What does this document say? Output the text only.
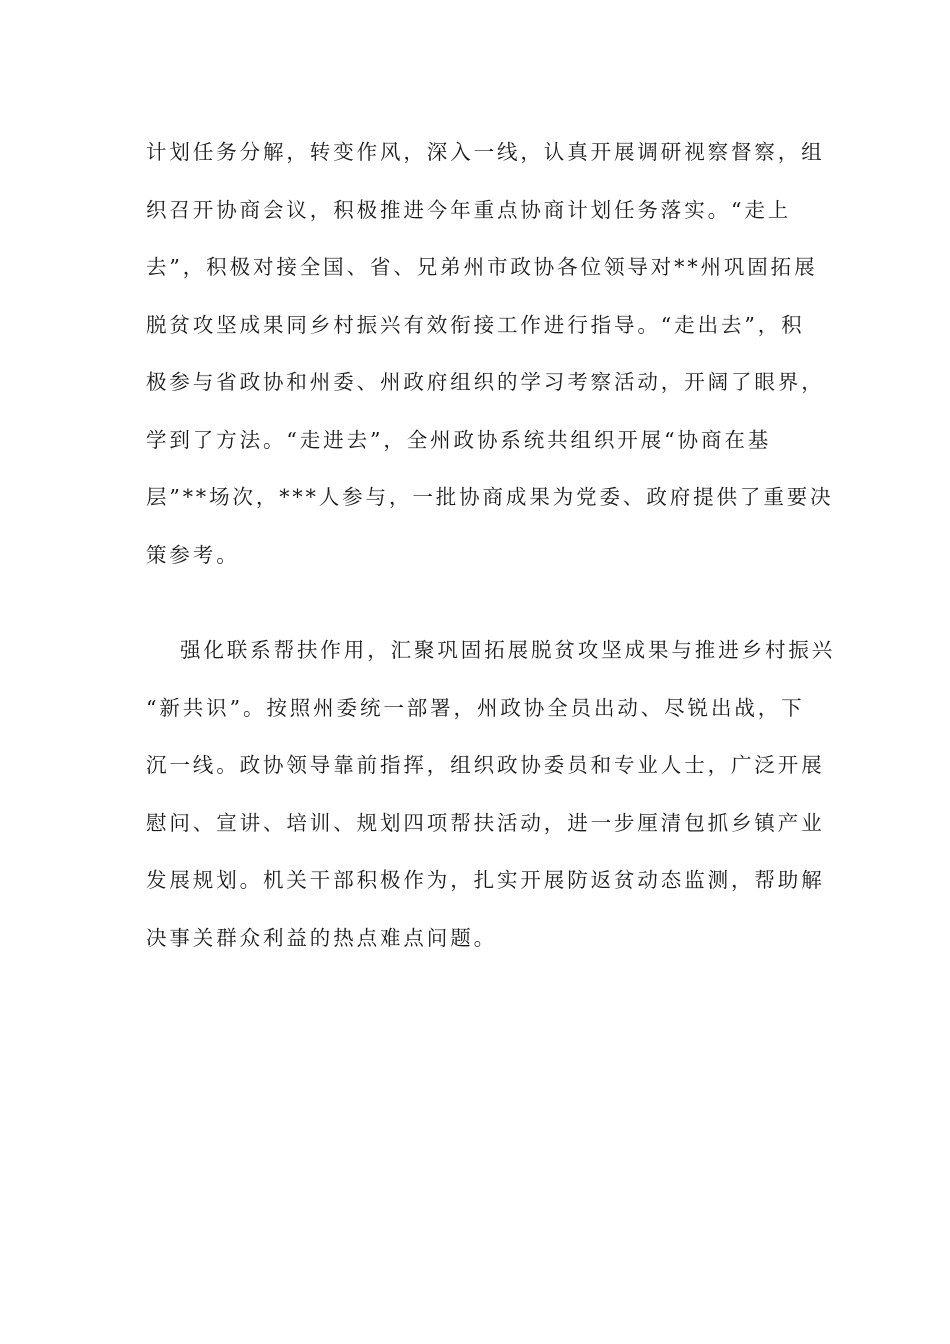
计划任务分解，转变作风，深入一线，认真开展调研视察督察，组
织召开协商会议，积极推进今年重点协商计划任务落实。“走上
去”，积极对接全国、省、兄弟州市政协各位领导对**州巩固拓展
脱贫攻坚成果同乡村振兴有效衔接工作进行指导。“走出去”，积
极参与省政协和州委、州政府组织的学习考察活动，开阔了眼界，
学到了方法。“走进去”，全州政协系统共组织开展“协商在基
层”**场次，***人参与，一批协商成果为党委、政府提供了重要决
策参考。

强化联系帮扶作用，汇聚巩固拓展脱贫攻坚成果与推进乡村振兴
“新共识”。按照州委统一部署，州政协全员出动、尽锐出战，下
沉一线。政协领导靠前指挥，组织政协委员和专业人士，广泛开展
慰问、宣讲、培训、规划四项帮扶活动，进一步厘清包抓乡镇产业
发展规划。机关干部积极作为，扎实开展防返贫动态监测，帮助解
决事关群众利益的热点难点问题。
